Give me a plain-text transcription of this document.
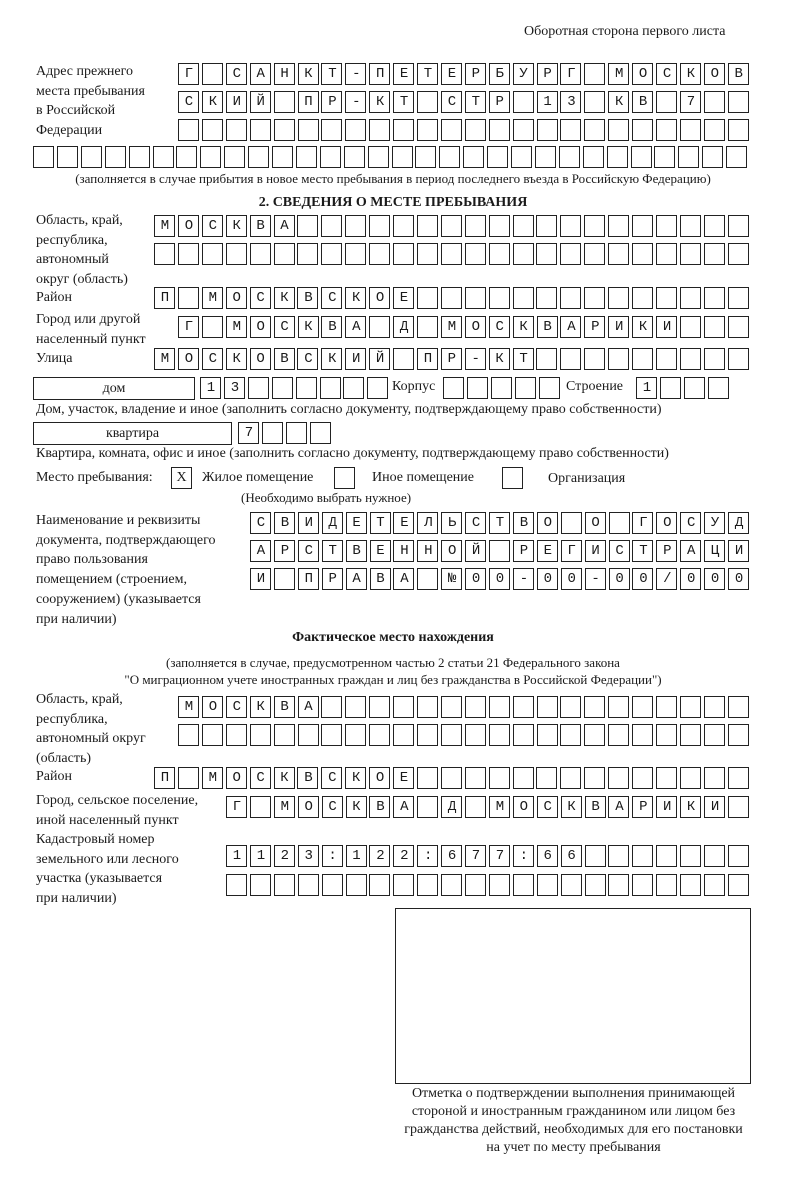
Оборотная сторона первого листа
Адрес прежнего
места пребывания
в Российской
Федерации
Г САНКТ-ПЕТЕРБУРГ МОСКОВ
СКИЙ ПР-КТ СТР 13 КВ 7
(заполняется в случае прибытия в новое место пребывания в период последнего въезда в Российскую Федерацию)
2. СВЕДЕНИЯ О МЕСТЕ ПРЕБЫВАНИЯ
Область, край,
республика,
автономный
округ (область)
МОСКВА
Район	П МОСКВСКОЕ
Город или другой
населенный пункт
Г МОСКВА Д МОСКВАРИКИ
Улица	МОСКОВСКИЙ ПР-КТ
дом	13	Корпус	Строение 1
Дом, участок, владение и иное (заполнить согласно документу, подтверждающему право собственности)
квартира	7
Квартира, комната, офис и иное (заполнить согласно документу, подтверждающему право собственности)
Место пребывания:	X	Жилое помещение	Иное помещение	Организация
(Необходимо выбрать нужное)
Наименование и реквизиты
документа, подтверждающего
право пользования
помещением (строением,
сооружением) (указывается
при наличии)
СВИДЕТЕЛЬСТВО О ГОСУД
АРСТВЕННОЙ РЕГИСТРАЦИ
И ПРАВА №00-00-00/000
Фактическое место нахождения
(заполняется в случае, предусмотренном частью 2 статьи 21 Федерального закона
"О миграционном учете иностранных граждан и лиц без гражданства в Российской Федерации")
Область, край,
республика,
автономный округ
(область)
МОСКВА
Район	П МОСКВСКОЕ
Город, сельское поселение,
иной населенный пункт
Г МОСКВА Д МОСКВАРИКИ
Кадастровый номер
земельного или лесного
участка (указывается
при наличии)
1123:122:677:66
Отметка о подтверждении выполнения принимающей
стороной и иностранным гражданином или лицом без
гражданства действий, необходимых для его постановки
на учет по месту пребывания
